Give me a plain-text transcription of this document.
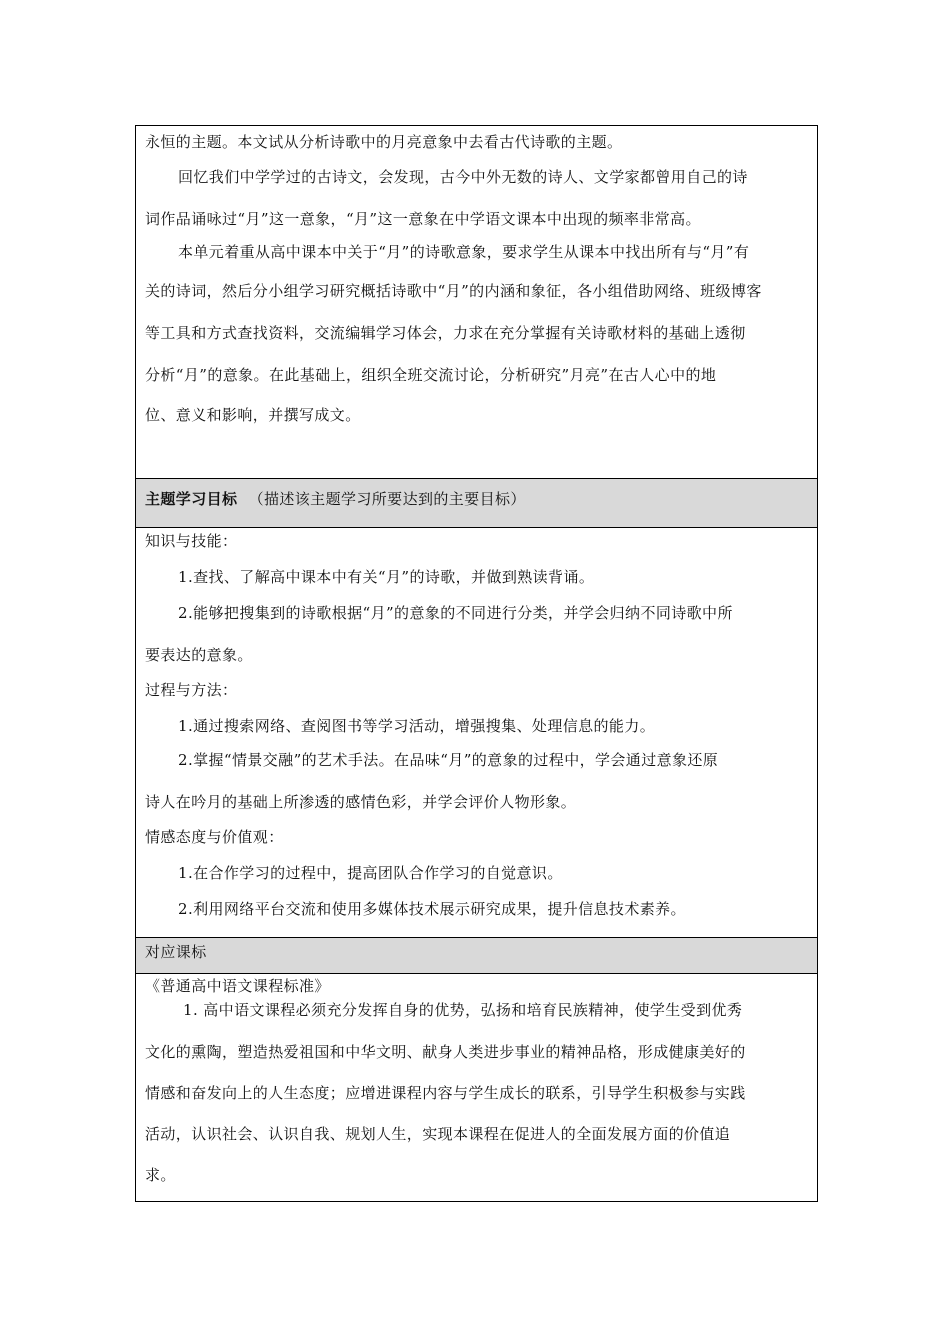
永恒的主题。本文试从分析诗歌中的月亮意象中去看古代诗歌的主题。
回忆我们中学学过的古诗文，会发现，古今中外无数的诗人、文学家都曾用自己的诗
词作品诵咏过“月”这一意象，“月”这一意象在中学语文课本中出现的频率非常高。
本单元着重从高中课本中关于“月”的诗歌意象，要求学生从课本中找出所有与“月”有
关的诗词，然后分小组学习研究概括诗歌中“月”的内涵和象征，各小组借助网络、班级博客
等工具和方式查找资料，交流编辑学习体会，力求在充分掌握有关诗歌材料的基础上透彻
分析“月”的意象。在此基础上，组织全班交流讨论，分析研究”月亮”在古人心中的地
位、意义和影响，并撰写成文。
主题学习目标 （描述该主题学习所要达到的主要目标）
知识与技能：
1.查找、了解高中课本中有关“月”的诗歌，并做到熟读背诵。
2.能够把搜集到的诗歌根据“月”的意象的不同进行分类，并学会归纳不同诗歌中所
要表达的意象。
过程与方法：
1.通过搜索网络、查阅图书等学习活动，增强搜集、处理信息的能力。
2.掌握“情景交融”的艺术手法。在品味“月”的意象的过程中，学会通过意象还原
诗人在吟月的基础上所渗透的感情色彩，并学会评价人物形象。
情感态度与价值观：
1.在合作学习的过程中，提高团队合作学习的自觉意识。
2.利用网络平台交流和使用多媒体技术展示研究成果，提升信息技术素养。
对应课标
《普通高中语文课程标准》
1. 高中语文课程必须充分发挥自身的优势，弘扬和培育民族精神，使学生受到优秀
文化的熏陶，塑造热爱祖国和中华文明、献身人类进步事业的精神品格，形成健康美好的
情感和奋发向上的人生态度；应增进课程内容与学生成长的联系，引导学生积极参与实践
活动，认识社会、认识自我、规划人生，实现本课程在促进人的全面发展方面的价值追
求。
